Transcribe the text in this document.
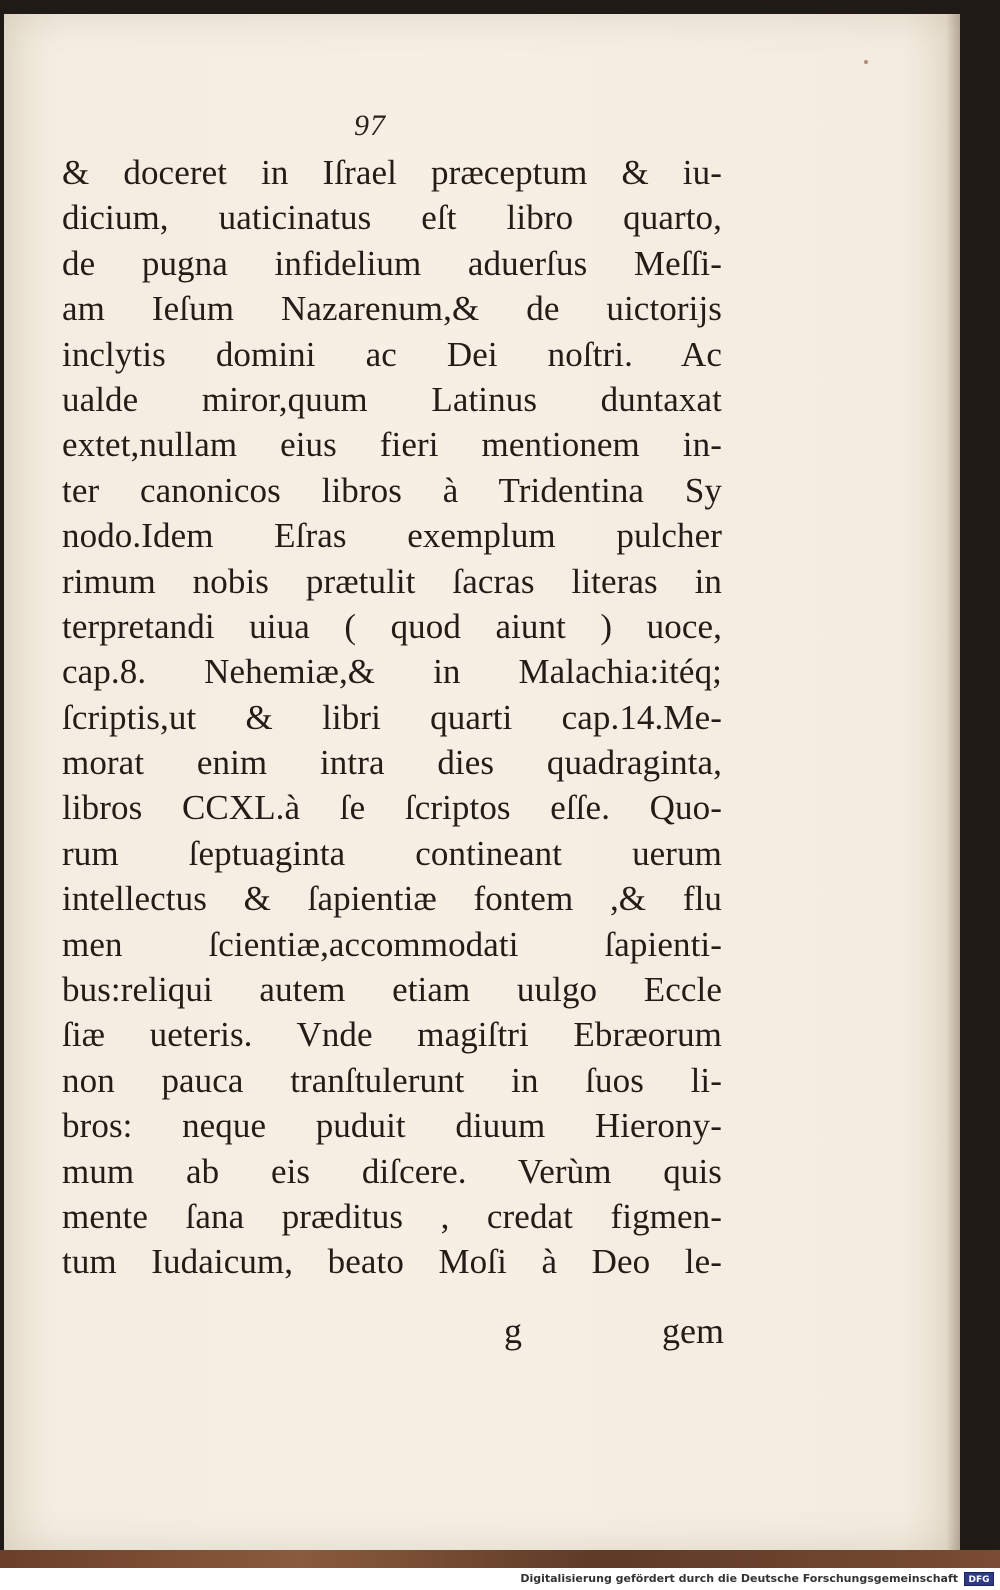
97
& doceret in Iſrael præceptum & iu-
dicium, uaticinatus eſt libro quarto,
de pugna infidelium aduerſus Meſſi-
am Ieſum Nazarenum,& de uictorijs
inclytis domini ac Dei noſtri. Ac
ualde miror,quum Latinus duntaxat
extet,nullam eius fieri mentionem in-
ter canonicos libros à Tridentina Sy
nodo.Idem Eſras exemplum pulcher
rimum nobis prætulit ſacras literas in
terpretandi uiua ( quod aiunt ) uoce,
cap.8. Nehemiæ,& in Malachia:itéq;
ſcriptis,ut & libri quarti cap.14.Me-
morat enim intra dies quadraginta,
libros CCXL.à ſe ſcriptos eſſe. Quo-
rum ſeptuaginta contineant uerum
intellectus & ſapientiæ fontem ,& flu
men ſcientiæ,accommodati ſapienti-
bus:reliqui autem etiam uulgo Eccle
ſiæ ueteris. Vnde magiſtri Ebræorum
non pauca tranſtulerunt in ſuos li-
bros: neque puduit diuum Hierony-
mum ab eis diſcere. Verùm quis
mente ſana præditus , credat figmen-
tum Iudaicum, beato Moſi à Deo le-
g	gem
Digitalisierung gefördert durch die Deutsche Forschungsgemeinschaft	DFG
